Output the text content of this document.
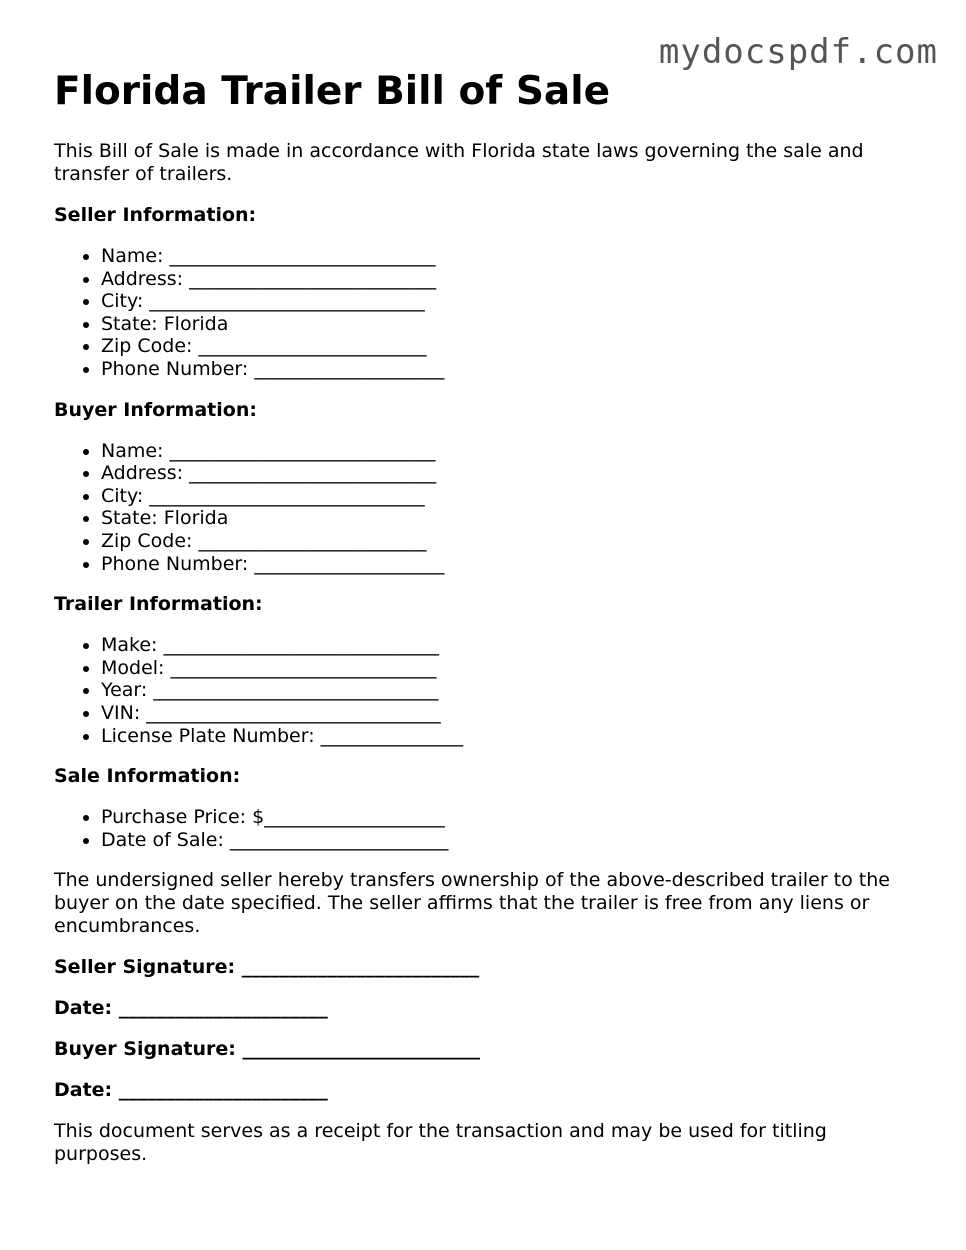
mydocspdf.com
Florida Trailer Bill of Sale

This Bill of Sale is made in accordance with Florida state laws governing the sale and transfer of trailers.

Seller Information:

• Name: ____________________________
• Address: __________________________
• City: _____________________________
• State: Florida
• Zip Code: ________________________
• Phone Number: ____________________

Buyer Information:

• Name: ____________________________
• Address: __________________________
• City: _____________________________
• State: Florida
• Zip Code: ________________________
• Phone Number: ____________________

Trailer Information:

• Make: _____________________________
• Model: ____________________________
• Year: ______________________________
• VIN: _______________________________
• License Plate Number: _______________

Sale Information:

• Purchase Price: $___________________
• Date of Sale: _______________________

The undersigned seller hereby transfers ownership of the above-described trailer to the buyer on the date specified. The seller affirms that the trailer is free from any liens or encumbrances.

Seller Signature: _________________________

Date: ______________________

Buyer Signature: _________________________

Date: ______________________

This document serves as a receipt for the transaction and may be used for titling purposes.
